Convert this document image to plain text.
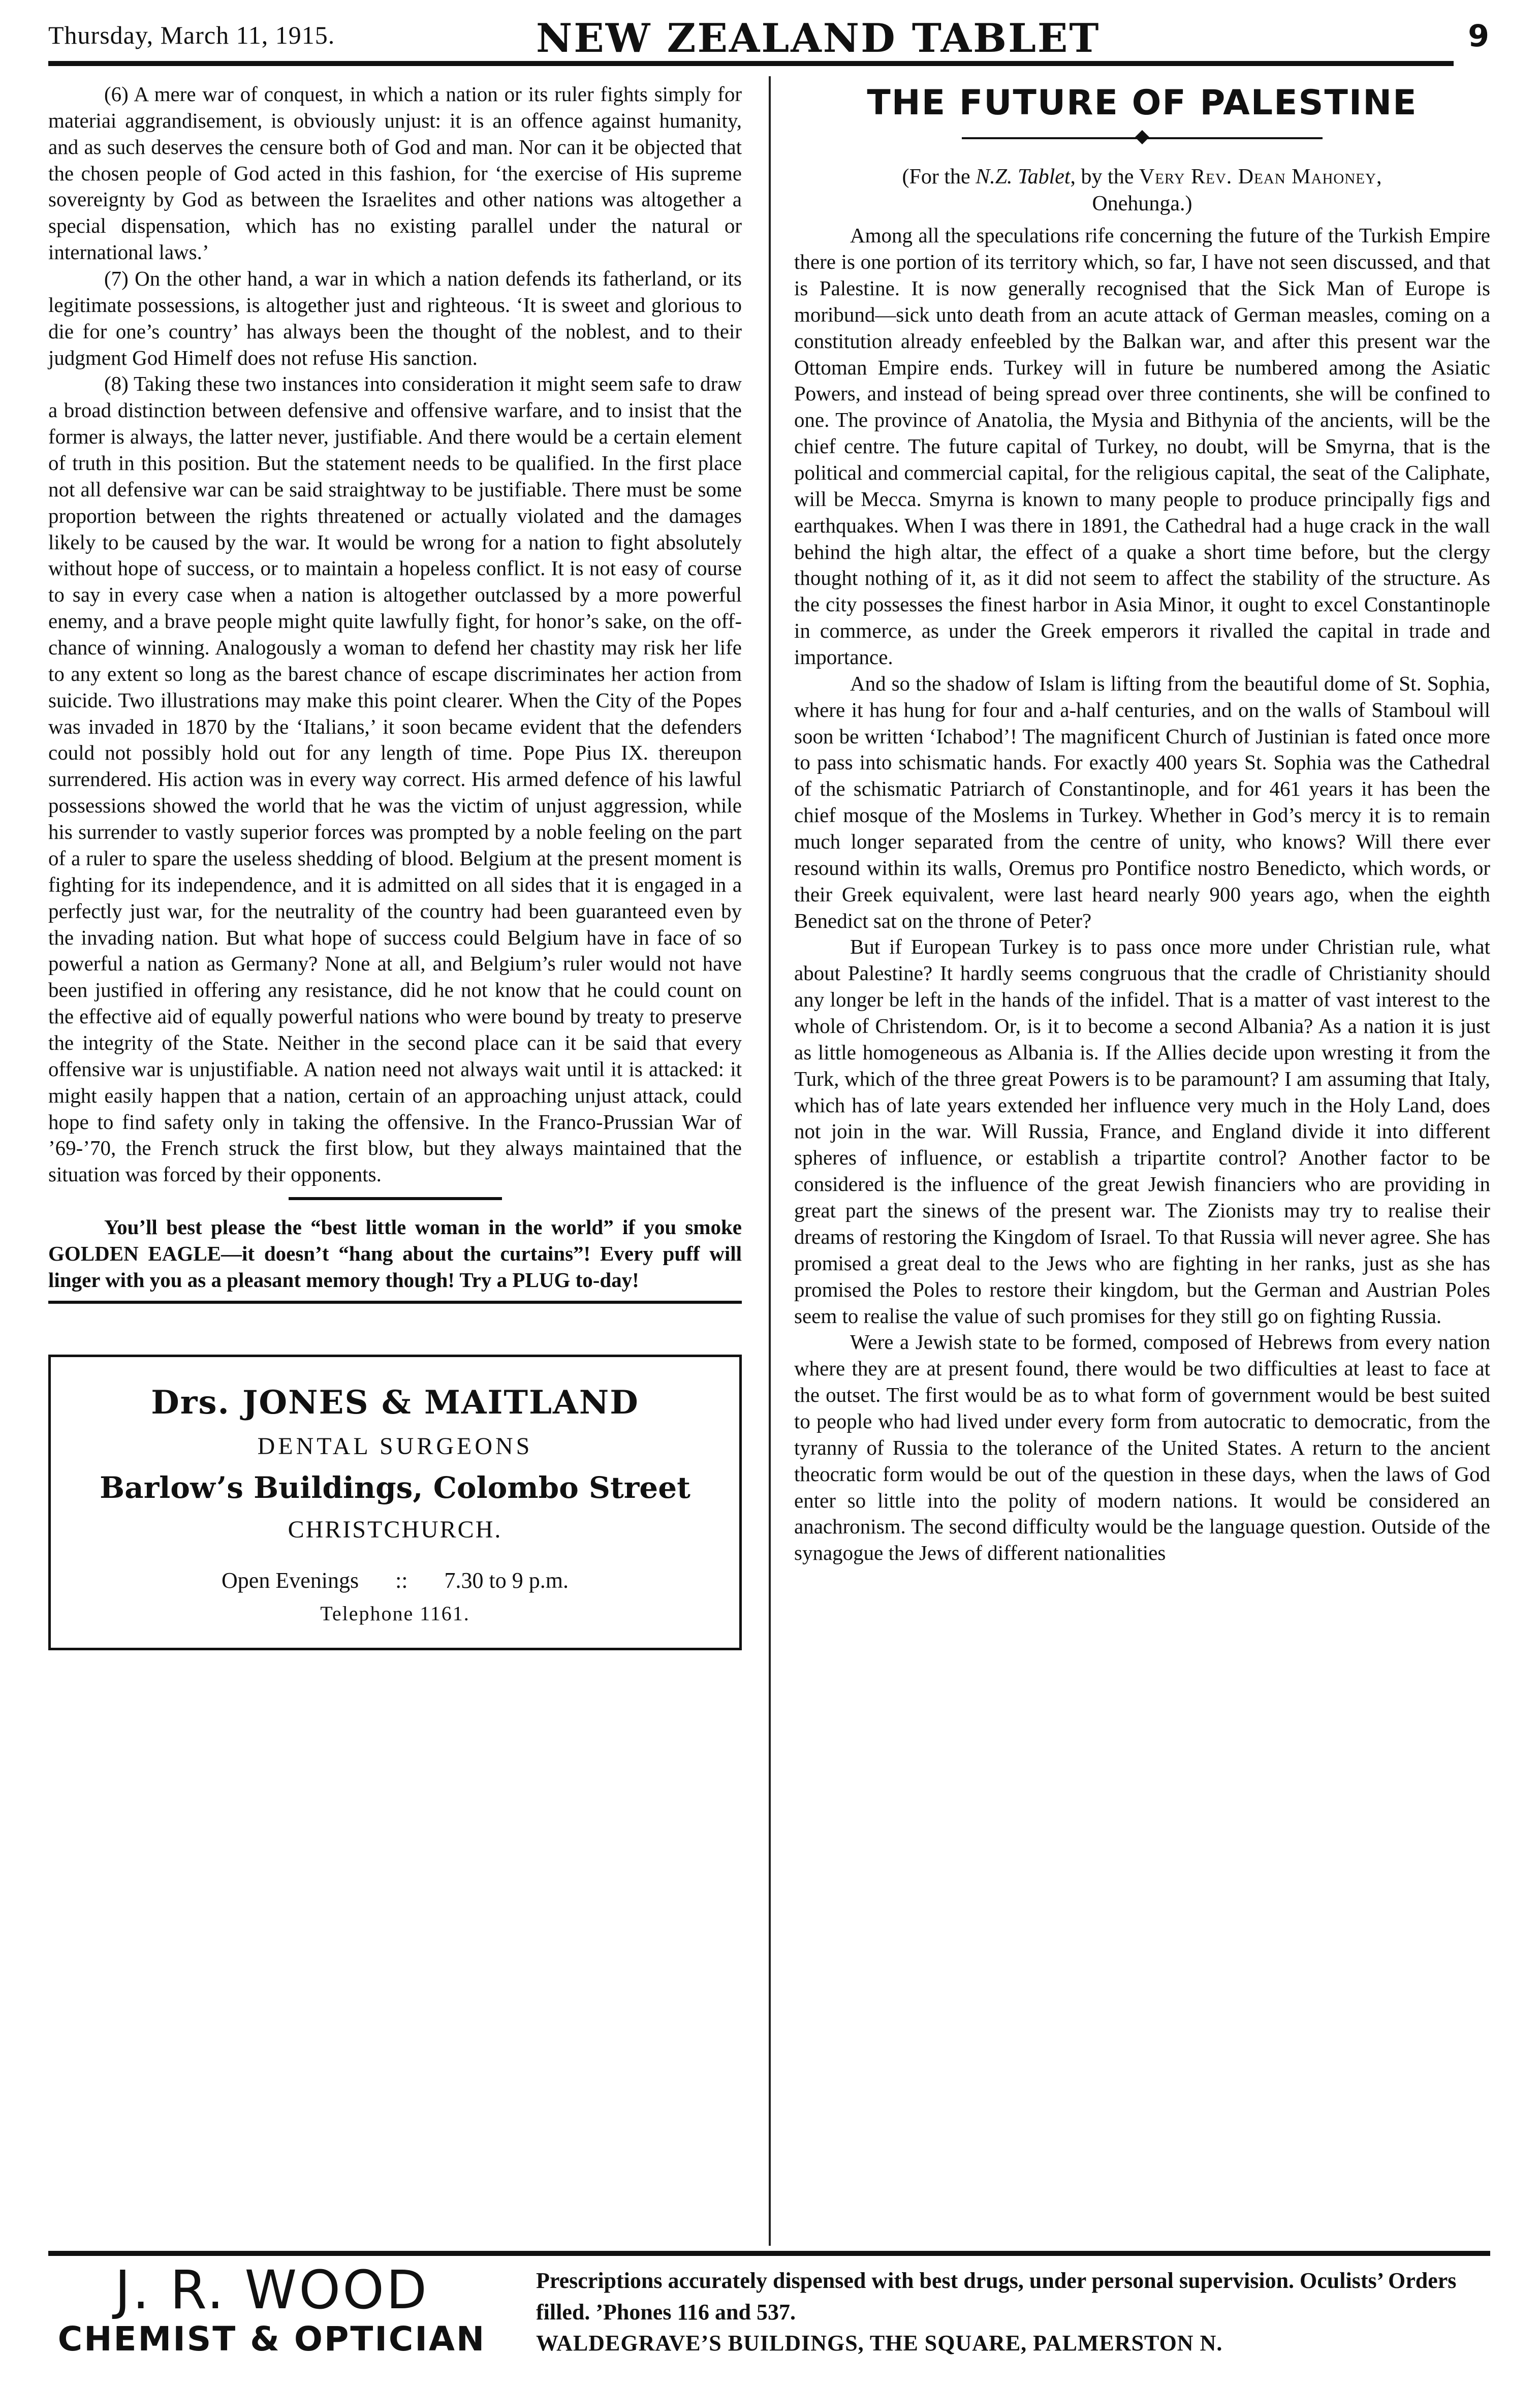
Thursday, March 11, 1915.	NEW ZEALAND TABLET	9

(6) A mere war of conquest, in which a nation or its ruler fights simply for materiai aggrandisement, is obviously unjust: it is an offence against humanity, and as such deserves the censure both of God and man. Nor can it be objected that the chosen people of God acted in this fashion, for ‘the exercise of His supreme sovereignty by God as between the Israelites and other nations was altogether a special dispensation, which has no existing parallel under the natural or international laws.’

(7) On the other hand, a war in which a nation defends its fatherland, or its legitimate possessions, is altogether just and righteous. ‘It is sweet and glorious to die for one’s country’ has always been the thought of the noblest, and to their judgment God Himelf does not refuse His sanction.

(8) Taking these two instances into consideration it might seem safe to draw a broad distinction between defensive and offensive warfare, and to insist that the former is always, the latter never, justifiable. And there would be a certain element of truth in this position. But the statement needs to be qualified. In the first place not all defensive war can be said straightway to be justifiable. There must be some proportion between the rights threatened or actually violated and the damages likely to be caused by the war. It would be wrong for a nation to fight absolutely without hope of success, or to maintain a hopeless conflict. It is not easy of course to say in every case when a nation is altogether outclassed by a more powerful enemy, and a brave people might quite lawfully fight, for honor’s sake, on the off-chance of winning. Analogously a woman to defend her chastity may risk her life to any extent so long as the barest chance of escape discriminates her action from suicide. Two illustrations may make this point clearer. When the City of the Popes was invaded in 1870 by the ‘Italians,’ it soon became evident that the defenders could not possibly hold out for any length of time. Pope Pius IX. thereupon surrendered. His action was in every way correct. His armed defence of his lawful possessions showed the world that he was the victim of unjust aggression, while his surrender to vastly superior forces was prompted by a noble feeling on the part of a ruler to spare the useless shedding of blood. Belgium at the present moment is fighting for its independence, and it is admitted on all sides that it is engaged in a perfectly just war, for the neutrality of the country had been guaranteed even by the invading nation. But what hope of success could Belgium have in face of so powerful a nation as Germany? None at all, and Belgium’s ruler would not have been justified in offering any resistance, did he not know that he could count on the effective aid of equally powerful nations who were bound by treaty to preserve the integrity of the State. Neither in the second place can it be said that every offensive war is unjustifiable. A nation need not always wait until it is attacked: it might easily happen that a nation, certain of an approaching unjust attack, could hope to find safety only in taking the offensive. In the Franco-Prussian War of ’69-’70, the French struck the first blow, but they always maintained that the situation was forced by their opponents.

You’ll best please the “best little woman in the world” if you smoke GOLDEN EAGLE—it doesn’t “hang about the curtains”! Every puff will linger with you as a pleasant memory though! Try a PLUG to-day!

Drs. JONES & MAITLAND
DENTAL SURGEONS
Barlow’s Buildings, Colombo Street
CHRISTCHURCH.
Open Evenings :: 7.30 to 9 p.m.
Telephone 1161.
THE FUTURE OF PALESTINE
(For the N.Z. Tablet, by the Very Rev. Dean Mahoney,
Onehunga.)

Among all the speculations rife concerning the future of the Turkish Empire there is one portion of its territory which, so far, I have not seen discussed, and that is Palestine. It is now generally recognised that the Sick Man of Europe is moribund—sick unto death from an acute attack of German measles, coming on a constitution already enfeebled by the Balkan war, and after this present war the Ottoman Empire ends. Turkey will in future be numbered among the Asiatic Powers, and instead of being spread over three continents, she will be confined to one. The province of Anatolia, the Mysia and Bithynia of the ancients, will be the chief centre. The future capital of Turkey, no doubt, will be Smyrna, that is the political and commercial capital, for the religious capital, the seat of the Caliphate, will be Mecca. Smyrna is known to many people to produce principally figs and earthquakes. When I was there in 1891, the Cathedral had a huge crack in the wall behind the high altar, the effect of a quake a short time before, but the clergy thought nothing of it, as it did not seem to affect the stability of the structure. As the city possesses the finest harbor in Asia Minor, it ought to excel Constantinople in commerce, as under the Greek emperors it rivalled the capital in trade and importance.

And so the shadow of Islam is lifting from the beautiful dome of St. Sophia, where it has hung for four and a-half centuries, and on the walls of Stamboul will soon be written ‘Ichabod’! The magnificent Church of Justinian is fated once more to pass into schismatic hands. For exactly 400 years St. Sophia was the Cathedral of the schismatic Patriarch of Constantinople, and for 461 years it has been the chief mosque of the Moslems in Turkey. Whether in God’s mercy it is to remain much longer separated from the centre of unity, who knows? Will there ever resound within its walls, Oremus pro Pontifice nostro Benedicto, which words, or their Greek equivalent, were last heard nearly 900 years ago, when the eighth Benedict sat on the throne of Peter?

But if European Turkey is to pass once more under Christian rule, what about Palestine? It hardly seems congruous that the cradle of Christianity should any longer be left in the hands of the infidel. That is a matter of vast interest to the whole of Christendom. Or, is it to become a second Albania? As a nation it is just as little homogeneous as Albania is. If the Allies decide upon wresting it from the Turk, which of the three great Powers is to be paramount? I am assuming that Italy, which has of late years extended her influence very much in the Holy Land, does not join in the war. Will Russia, France, and England divide it into different spheres of influence, or establish a tripartite control? Another factor to be considered is the influence of the great Jewish financiers who are providing in great part the sinews of the present war. The Zionists may try to realise their dreams of restoring the Kingdom of Israel. To that Russia will never agree. She has promised a great deal to the Jews who are fighting in her ranks, just as she has promised the Poles to restore their kingdom, but the German and Austrian Poles seem to realise the value of such promises for they still go on fighting Russia.

Were a Jewish state to be formed, composed of Hebrews from every nation where they are at present found, there would be two difficulties at least to face at the outset. The first would be as to what form of government would be best suited to people who had lived under every form from autocratic to democratic, from the tyranny of Russia to the tolerance of the United States. A return to the ancient theocratic form would be out of the question in these days, when the laws of God enter so little into the polity of modern nations. It would be considered an anachronism. The second difficulty would be the language question. Outside of the synagogue the Jews of different nationalities

J. R. WOOD
CHEMIST & OPTICIAN
Prescriptions accurately dispensed with best drugs, under personal supervision. Oculists’ Orders filled. ’Phones 116 and 537.
WALDEGRAVE’S BUILDINGS, THE SQUARE, PALMERSTON N.
